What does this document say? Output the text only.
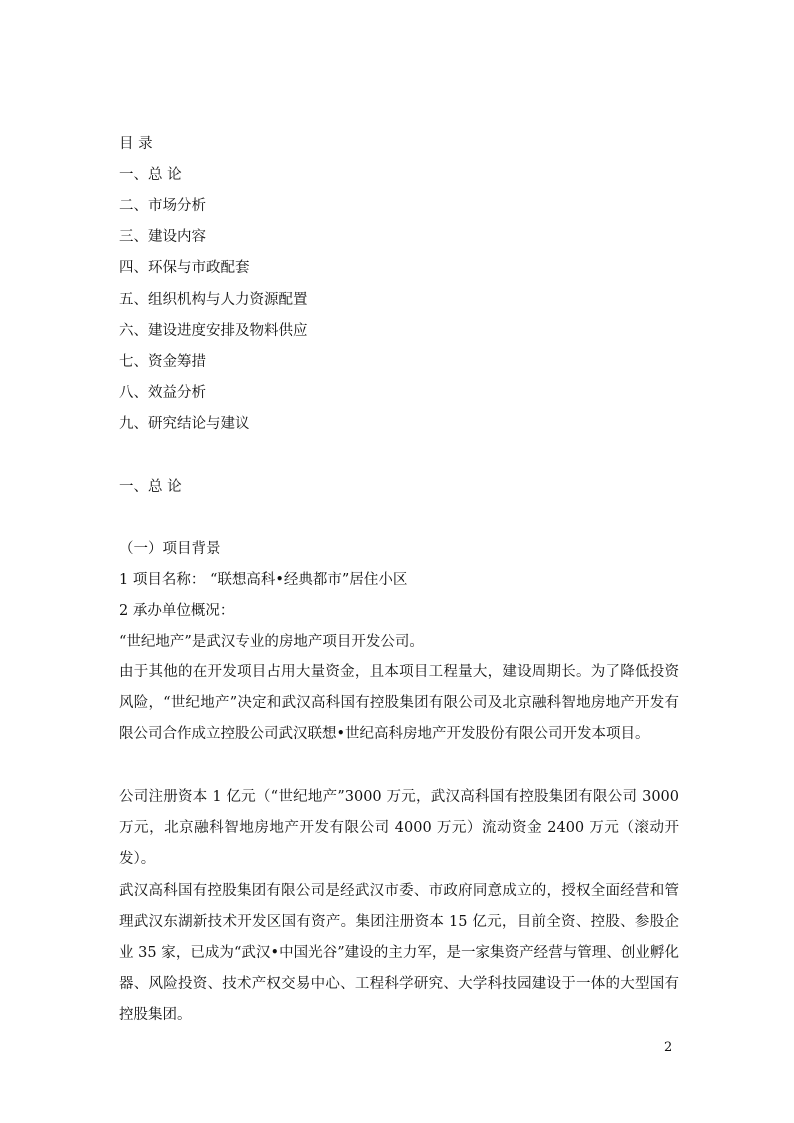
目 录
一、总 论
二、市场分析
三、建设内容
四、环保与市政配套
五、组织机构与人力资源配置
六、建设进度安排及物料供应
七、资金筹措
八、效益分析
九、研究结论与建议
一、总 论
（一）项目背景
1 项目名称： “联想高科•经典都市”居住小区
2 承办单位概况：
“世纪地产”是武汉专业的房地产项目开发公司。
由于其他的在开发项目占用大量资金，且本项目工程量大，建设周期长。为了降低投资风险，“世纪地产”决定和武汉高科国有控股集团有限公司及北京融科智地房地产开发有限公司合作成立控股公司武汉联想•世纪高科房地产开发股份有限公司开发本项目。
公司注册资本 1 亿元（“世纪地产”3000 万元，武汉高科国有控股集团有限公司 3000 万元，北京融科智地房地产开发有限公司 4000 万元）流动资金 2400 万元（滚动开发）。
武汉高科国有控股集团有限公司是经武汉市委、市政府同意成立的，授权全面经营和管理武汉东湖新技术开发区国有资产。集团注册资本 15 亿元，目前全资、控股、参股企业 35 家，已成为“武汉•中国光谷”建设的主力军，是一家集资产经营与管理、创业孵化器、风险投资、技术产权交易中心、工程科学研究、大学科技园建设于一体的大型国有控股集团。
2
